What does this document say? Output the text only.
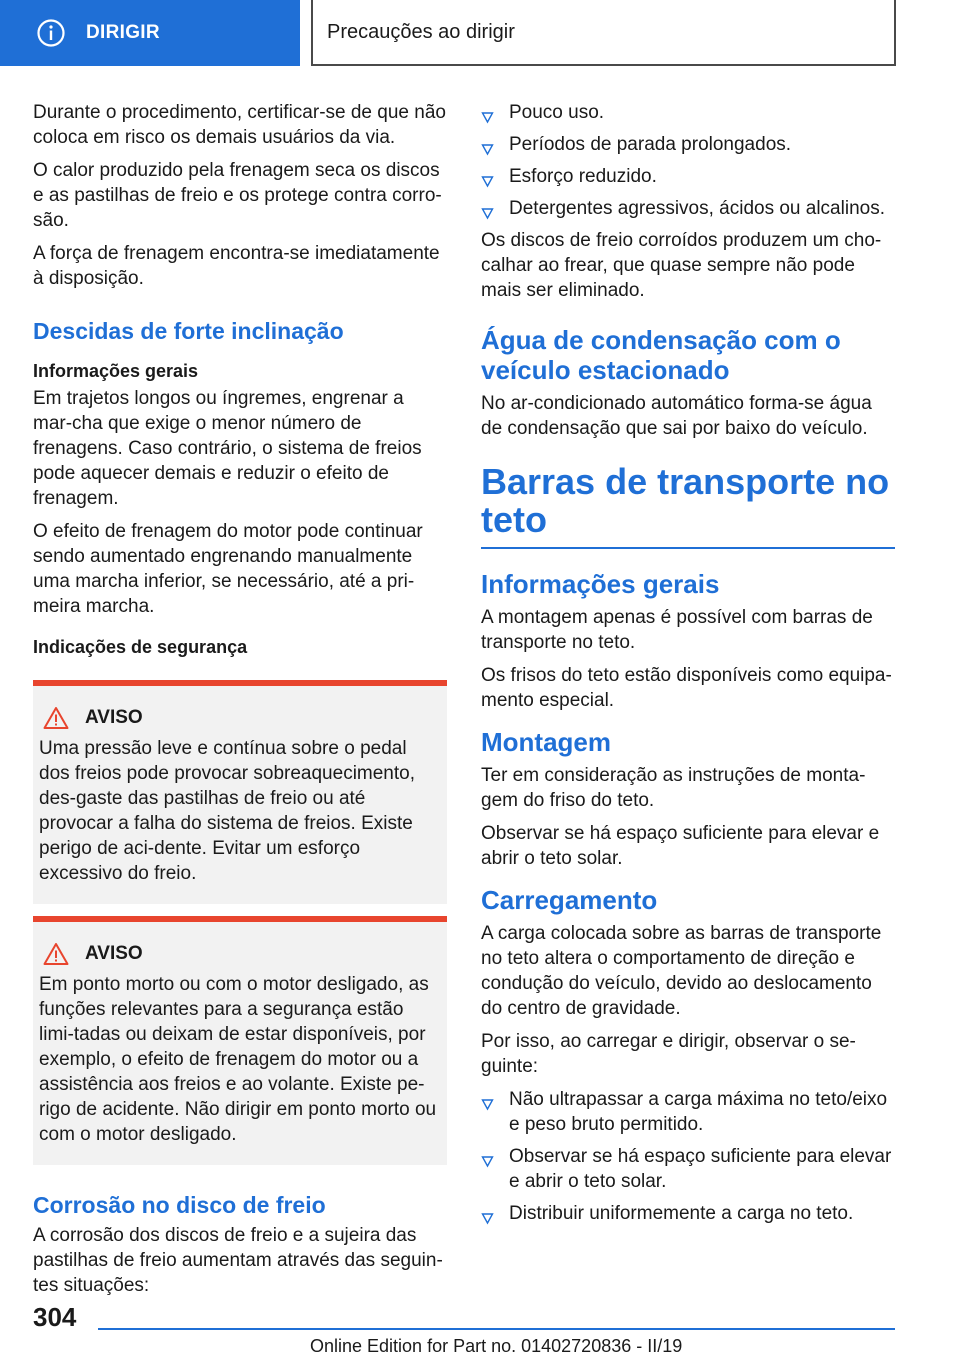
DIRIGIR	Precauções ao dirigir

Durante o procedimento, certificar-se de que não coloca em risco os demais usuários da via.

O calor produzido pela frenagem seca os discos e as pastilhas de freio e os protege contra corro-são.

A força de frenagem encontra-se imediatamente à disposição.

Descidas de forte inclinação
Informações gerais

Em trajetos longos ou íngremes, engrenar a mar-cha que exige o menor número de frenagens. Caso contrário, o sistema de freios pode aquecer demais e reduzir o efeito de frenagem.

O efeito de frenagem do motor pode continuar sendo aumentado engrenando manualmente uma marcha inferior, se necessário, até a pri-meira marcha.

Indicações de segurança
AVISO

Uma pressão leve e contínua sobre o pedal dos freios pode provocar sobreaquecimento, des-gaste das pastilhas de freio ou até provocar a falha do sistema de freios. Existe perigo de aci-dente. Evitar um esforço excessivo do freio.

AVISO

Em ponto morto ou com o motor desligado, as funções relevantes para a segurança estão limi-tadas ou deixam de estar disponíveis, por exemplo, o efeito de frenagem do motor ou a assistência aos freios e ao volante. Existe pe-rigo de acidente. Não dirigir em ponto morto ou com o motor desligado.

Corrosão no disco de freio

A corrosão dos discos de freio e a sujeira das pastilhas de freio aumentam através das seguin-tes situações:

Pouco uso.
Períodos de parada prolongados.
Esforço reduzido.
Detergentes agressivos, ácidos ou alcalinos.

Os discos de freio corroídos produzem um cho-calhar ao frear, que quase sempre não pode mais ser eliminado.

Água de condensação com o veículo estacionado

No ar-condicionado automático forma-se água de condensação que sai por baixo do veículo.

Barras de transporte no teto
Informações gerais

A montagem apenas é possível com barras de transporte no teto.

Os frisos do teto estão disponíveis como equipa-mento especial.

Montagem

Ter em consideração as instruções de monta-gem do friso do teto.

Observar se há espaço suficiente para elevar e abrir o teto solar.

Carregamento

A carga colocada sobre as barras de transporte no teto altera o comportamento de direção e condução do veículo, devido ao deslocamento do centro de gravidade.

Por isso, ao carregar e dirigir, observar o se-guinte:

Não ultrapassar a carga máxima no teto/eixo e peso bruto permitido.
Observar se há espaço suficiente para elevar e abrir o teto solar.
Distribuir uniformemente a carga no teto.
304
Online Edition for Part no. 01402720836 - II/19
